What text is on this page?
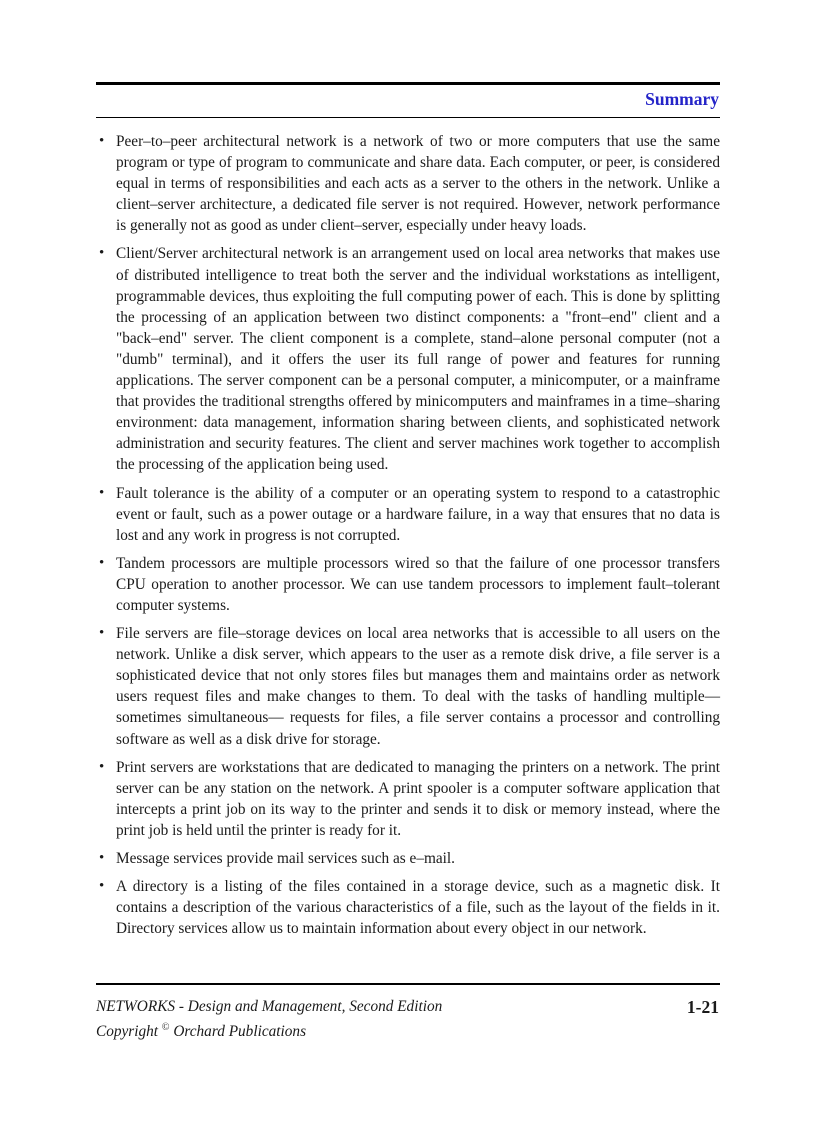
Summary
• Peer–to–peer architectural network is a network of two or more computers that use the same program or type of program to communicate and share data. Each computer, or peer, is considered equal in terms of responsibilities and each acts as a server to the others in the network. Unlike a client–server architecture, a dedicated file server is not required. However, network performance is generally not as good as under client–server, especially under heavy loads.
• Client/Server architectural network is an arrangement used on local area networks that makes use of distributed intelligence to treat both the server and the individual workstations as intelligent, programmable devices, thus exploiting the full computing power of each. This is done by splitting the processing of an application between two distinct components: a "front–end" client and a "back–end" server. The client component is a complete, stand–alone personal computer (not a "dumb" terminal), and it offers the user its full range of power and features for running applications. The server component can be a personal computer, a minicomputer, or a mainframe that provides the traditional strengths offered by minicomputers and mainframes in a time–sharing environment: data management, information sharing between clients, and sophisticated network administration and security features. The client and server machines work together to accomplish the processing of the application being used.
• Fault tolerance is the ability of a computer or an operating system to respond to a catastrophic event or fault, such as a power outage or a hardware failure, in a way that ensures that no data is lost and any work in progress is not corrupted.
• Tandem processors are multiple processors wired so that the failure of one processor transfers CPU operation to another processor. We can use tandem processors to implement fault–tolerant computer systems.
• File servers are file–storage devices on local area networks that is accessible to all users on the network. Unlike a disk server, which appears to the user as a remote disk drive, a file server is a sophisticated device that not only stores files but manages them and maintains order as network users request files and make changes to them. To deal with the tasks of handling multiple— sometimes simultaneous— requests for files, a file server contains a processor and controlling software as well as a disk drive for storage.
• Print servers are workstations that are dedicated to managing the printers on a network. The print server can be any station on the network. A print spooler is a computer software application that intercepts a print job on its way to the printer and sends it to disk or memory instead, where the print job is held until the printer is ready for it.
• Message services provide mail services such as e–mail.
• A directory is a listing of the files contained in a storage device, such as a magnetic disk. It contains a description of the various characteristics of a file, such as the layout of the fields in it. Directory services allow us to maintain information about every object in our network.
NETWORKS - Design and Management, Second Edition
Copyright © Orchard Publications
1-21
